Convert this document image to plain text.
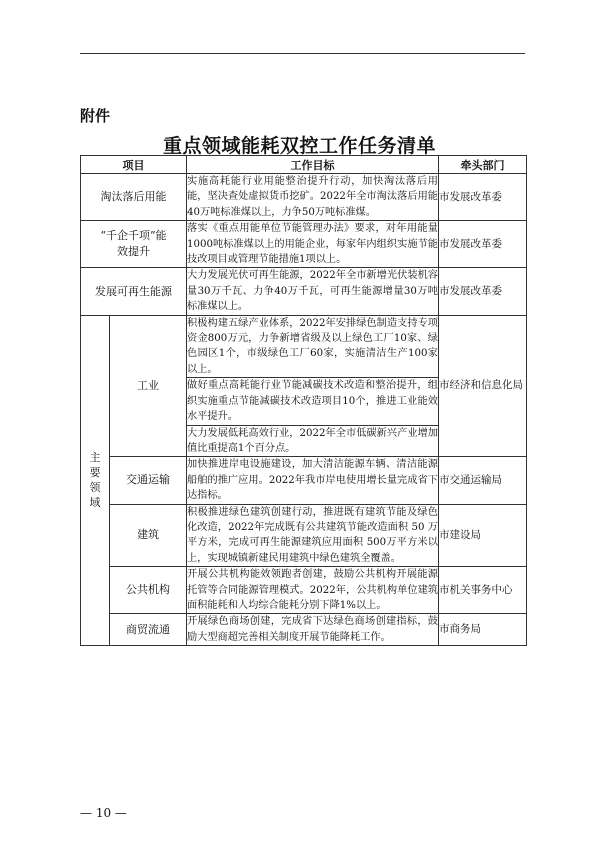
附件
重点领域能耗双控工作任务清单
项目		工作目标	牵头部门
淘汰落后用能		实施高耗能行业用能整治提升行动，加快淘汰落后用能，坚决查处虚拟货币挖矿。2022年全市淘汰落后用能40万吨标准煤以上，力争50万吨标准煤。	市发展改革委
“千企千项”能效提升		落实《重点用能单位节能管理办法》要求，对年用能量1000吨标准煤以上的用能企业，每家年内组织实施节能技改项目或管理节能措施1项以上。	市发展改革委
发展可再生能源		大力发展光伏可再生能源，2022年全市新增光伏装机容量30万千瓦、力争40万千瓦，可再生能源增量30万吨标准煤以上。	市发展改革委
主要领域	工业	积极构建五绿产业体系，2022年安排绿色制造支持专项资金800万元，力争新增省级及以上绿色工厂10家、绿色园区1个，市级绿色工厂60家，实施清洁生产100家以上。	市经济和信息化局
		做好重点高耗能行业节能减碳技术改造和整治提升，组织实施重点节能减碳技术改造项目10个，推进工业能效水平提升。	
		大力发展低耗高效行业，2022年全市低碳新兴产业增加值比重提高1个百分点。	
	交通运输	加快推进岸电设施建设，加大清洁能源车辆、清洁能源船舶的推广应用。2022年我市岸电使用增长量完成省下达指标。	市交通运输局
	建筑	积极推进绿色建筑创建行动，推进既有建筑节能及绿色化改造，2022年完成既有公共建筑节能改造面积 50 万平方米，完成可再生能源建筑应用面积 500万平方米以上，实现城镇新建民用建筑中绿色建筑全覆盖。	市建设局
	公共机构	开展公共机构能效领跑者创建，鼓励公共机构开展能源托管等合同能源管理模式。2022年，公共机构单位建筑面积能耗和人均综合能耗分别下降1%以上。	市机关事务中心
	商贸流通	开展绿色商场创建，完成省下达绿色商场创建指标，鼓励大型商超完善相关制度开展节能降耗工作。	市商务局
— 10 —
